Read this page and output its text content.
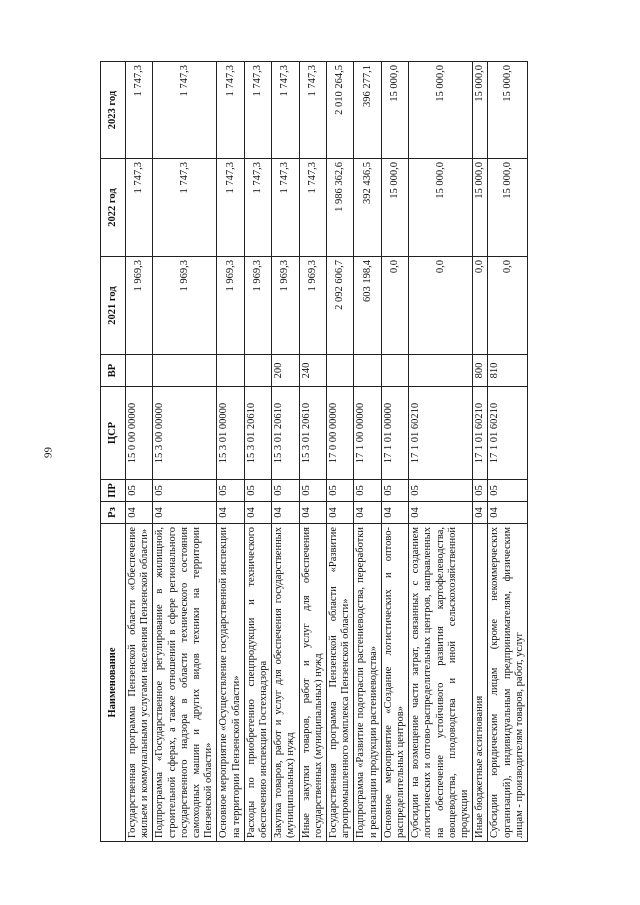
99
Наименование	Рз	ПР	ЦСР	ВР	2021 год	2022 год	2023 год
Государственная программа Пензенской области «Обеспечение жильем и коммунальными услугами населения Пензенской области»	04	05	15 0 00 00000		1 969,3	1 747,3	1 747,3
Подпрограмма «Государственное регулирование в жилищной, строительной сферах, а также отношений в сфере регионального государственного надзора в области технического состояния самоходных машин и других видов техники на территории Пензенской области»	04	05	15 3 00 00000		1 969,3	1 747,3	1 747,3
Основное мероприятие «Осуществление государственной инспекции на территории Пензенской области»	04	05	15 3 01 00000		1 969,3	1 747,3	1 747,3
Расходы по приобретению спецпродукции и технического обеспечению инспекции Гостехнадзора	04	05	15 3 01 20610		1 969,3	1 747,3	1 747,3
Закупка товаров, работ и услуг для обеспечения государственных (муниципальных) нужд	04	05	15 3 01 20610	200	1 969,3	1 747,3	1 747,3
Иные закупки товаров, работ и услуг для обеспечения государственных (муниципальных) нужд	04	05	15 3 01 20610	240	1 969,3	1 747,3	1 747,3
Государственная программа Пензенской области «Развитие агропромышленного комплекса Пензенской области»	04	05	17 0 00 00000		2 092 606,7	1 986 362,6	2 010 264,5
Подпрограмма «Развитие подотрасли растениеводства, переработки и реализации продукции растениеводства»	04	05	17 1 00 00000		603 198,4	392 436,5	396 277,1
Основное мероприятие «Создание логистических и оптово-распределительных центров»	04	05	17 1 01 00000		0,0	15 000,0	15 000,0
Субсидии на возмещение части затрат, связанных с созданием логистических и оптово-распределительных центров, направленных на обеспечение устойчивого развития картофелеводства, овощеводства, плодоводства и иной сельскохозяйственной продукции	04	05	17 1 01 60210		0,0	15 000,0	15 000,0
Иные бюджетные ассигнования	04	05	17 1 01 60210	800	0,0	15 000,0	15 000,0
Субсидии юридическим лицам (кроме некоммерческих организаций), индивидуальным предпринимателям, физическим лицам - производителям товаров, работ, услуг	04	05	17 1 01 60210	810	0,0	15 000,0	15 000,0
